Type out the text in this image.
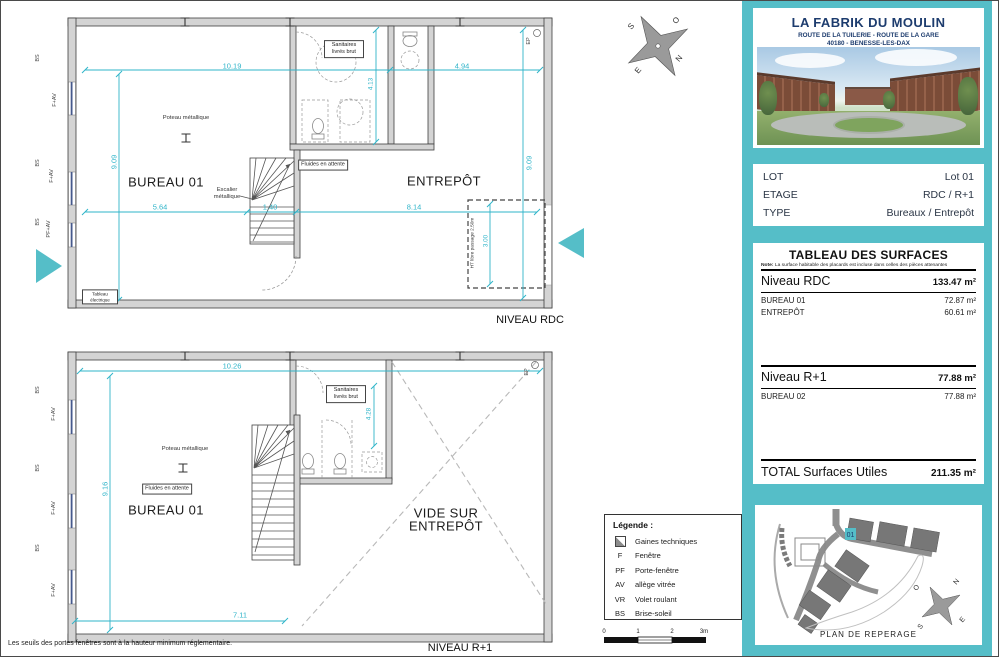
S
O
E
N
0	1	2	3m
BUREAU 01	ENTREPÔT
Poteau métallique
Escalier métallique
Fluides en attente
Sanitaires livrés brut
Tableau électrique
NIVEAU RDC
10.19	4.94
9.09	9.09
5.64	1.40	8.14
4.13
3.00
HT libre passage 2.50m
BS
BS
BS
F+AV
F+AV
PF+AV
EP
BUREAU 01	VIDE SUR
ENTREPÔT
Poteau métallique
Fluides en attente
Sanitaires livrés brut
NIVEAU R+1
10.26
9.16
4.28
7.11
BS
BS
BS
F+AV
F+AV
F+AV
EP
Légende :
Gaines techniques
F	Fenêtre
PF	Porte-fenêtre
AV	allège vitrée
VR	Volet roulant
BS	Brise-soleil
LA FABRIK DU MOULIN
ROUTE DE LA TUILERIE - ROUTE DE LA GARE
40180 - BENESSE-LES-DAX
LOT	Lot 01
ETAGE	RDC / R+1
TYPE	Bureaux / Entrepôt
TABLEAU DES SURFACES
Note: La surface habitable des placards est incluse dans celles des pièces attenantes
Niveau RDC	133.47 m²
BUREAU 01	72.87 m²
ENTREPÔT	60.61 m²
Niveau R+1	77.88 m²
BUREAU 02	77.88 m²
TOTAL Surfaces Utiles	211.35 m²
01
O
N
S
E
PLAN DE REPERAGE
Les seuils des portes fenêtres sont à la hauteur minimum réglementaire.
